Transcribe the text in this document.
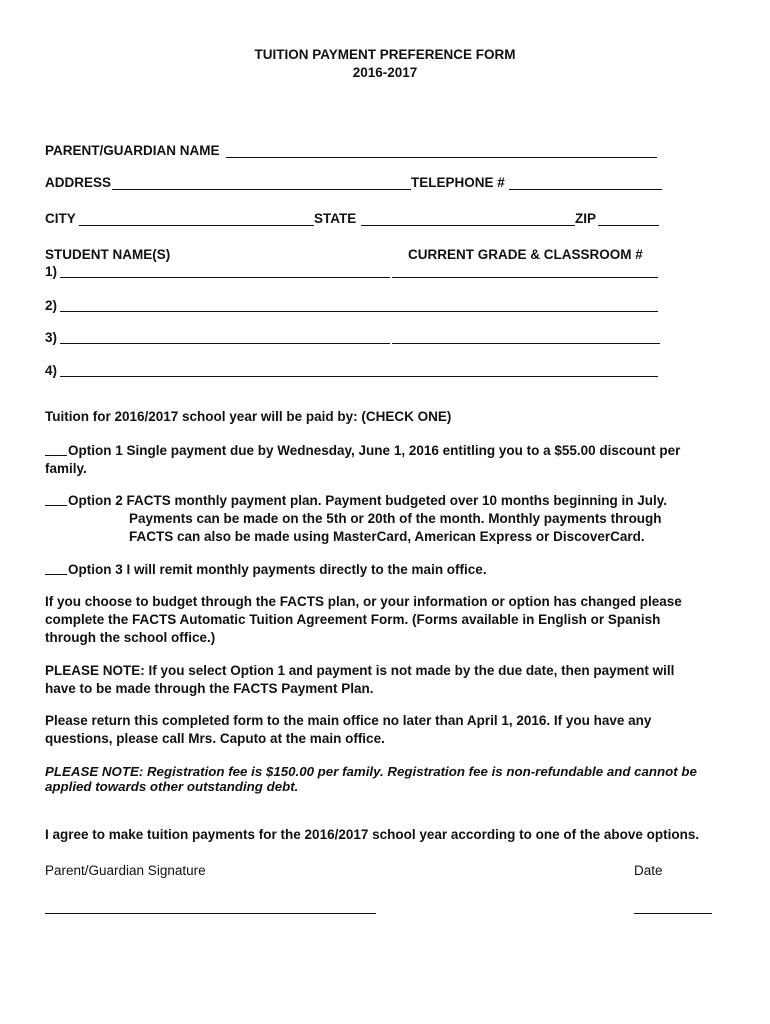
TUITION PAYMENT PREFERENCE FORM
2016-2017
PARENT/GUARDIAN NAME
ADDRESS	TELEPHONE #
CITY	STATE	ZIP
STUDENT NAME(S)	CURRENT GRADE & CLASSROOM #
1)
2)
3)
4)
Tuition for 2016/2017 school year will be paid by: (CHECK ONE)
Option 1 Single payment due by Wednesday, June 1, 2016 entitling you to a $55.00 discount per
family.
Option 2 FACTS monthly payment plan. Payment budgeted over 10 months beginning in July.
Payments can be made on the 5th or 20th of the month. Monthly payments through
FACTS can also be made using MasterCard, American Express or DiscoverCard.
Option 3 I will remit monthly payments directly to the main office.
If you choose to budget through the FACTS plan, or your information or option has changed please
complete the FACTS Automatic Tuition Agreement Form. (Forms available in English or Spanish
through the school office.)
PLEASE NOTE: If you select Option 1 and payment is not made by the due date, then payment will
have to be made through the FACTS Payment Plan.
Please return this completed form to the main office no later than April 1, 2016. If you have any
questions, please call Mrs. Caputo at the main office.
PLEASE NOTE: Registration fee is $150.00 per family. Registration fee is non-refundable and cannot be
applied towards other outstanding debt.
I agree to make tuition payments for the 2016/2017 school year according to one of the above options.
Parent/Guardian Signature	Date
